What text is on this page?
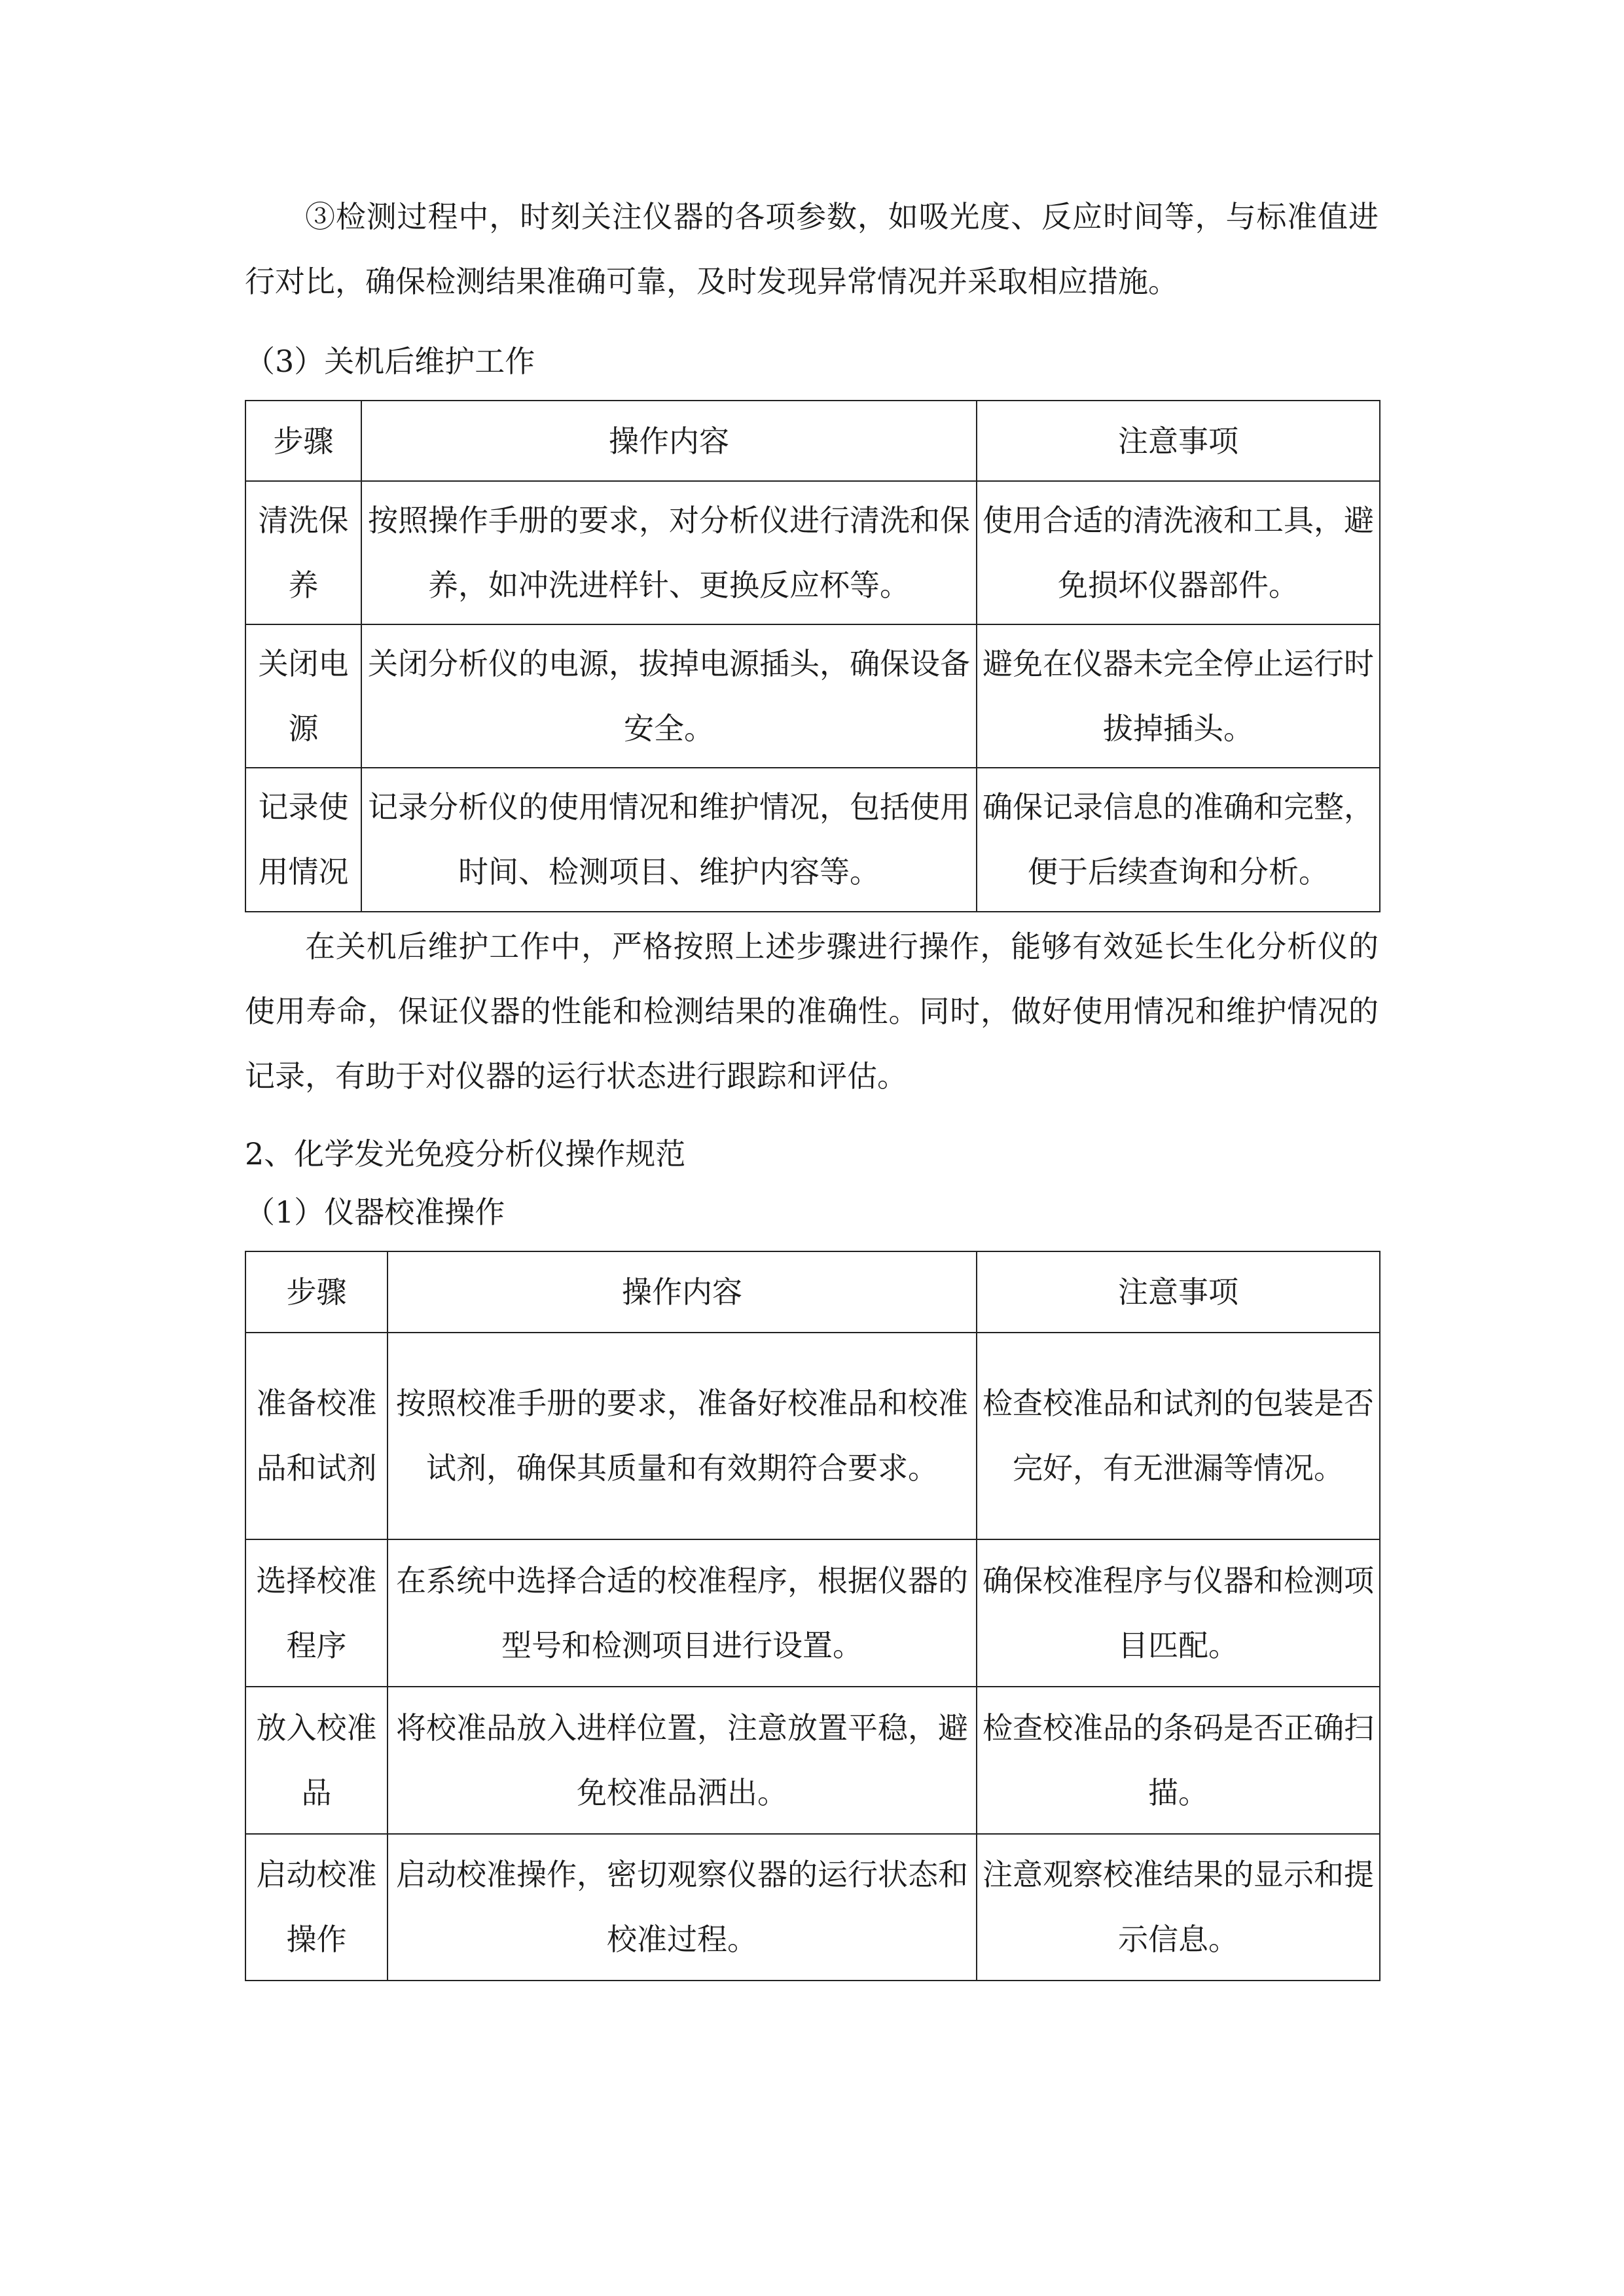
③检测过程中，时刻关注仪器的各项参数，如吸光度、反应时间等，与标准值进行对比，确保检测结果准确可靠，及时发现异常情况并采取相应措施。

（3）关机后维护工作

步骤	操作内容	注意事项
清洗保养	按照操作手册的要求，对分析仪进行清洗和保养，如冲洗进样针、更换反应杯等。	使用合适的清洗液和工具，避免损坏仪器部件。
关闭电源	关闭分析仪的电源，拔掉电源插头，确保设备安全。	避免在仪器未完全停止运行时拔掉插头。
记录使用情况	记录分析仪的使用情况和维护情况，包括使用时间、检测项目、维护内容等。	确保记录信息的准确和完整，便于后续查询和分析。

在关机后维护工作中，严格按照上述步骤进行操作，能够有效延长生化分析仪的使用寿命，保证仪器的性能和检测结果的准确性。同时，做好使用情况和维护情况的记录，有助于对仪器的运行状态进行跟踪和评估。

2、化学发光免疫分析仪操作规范

（1）仪器校准操作

步骤	操作内容	注意事项
准备校准品和试剂	按照校准手册的要求，准备好校准品和校准试剂，确保其质量和有效期符合要求。	检查校准品和试剂的包装是否完好，有无泄漏等情况。
选择校准程序	在系统中选择合适的校准程序，根据仪器的型号和检测项目进行设置。	确保校准程序与仪器和检测项目匹配。
放入校准品	将校准品放入进样位置，注意放置平稳，避免校准品洒出。	检查校准品的条码是否正确扫描。
启动校准操作	启动校准操作，密切观察仪器的运行状态和校准过程。	注意观察校准结果的显示和提示信息。
